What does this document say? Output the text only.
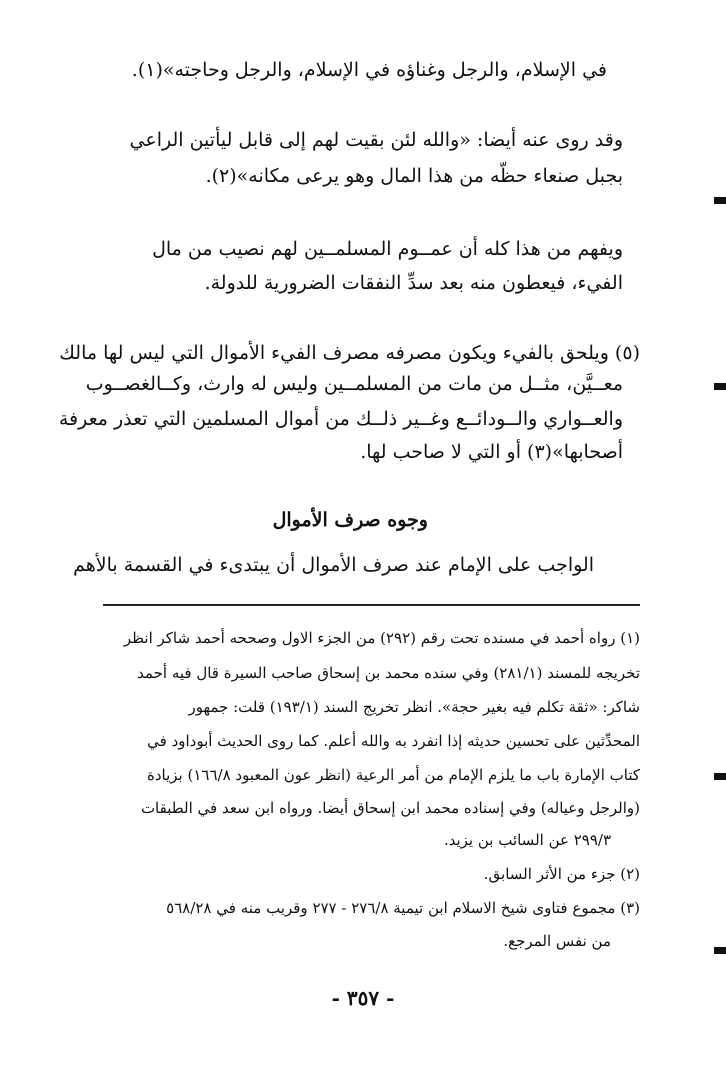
في الإسلام، والرجل وغناؤه في الإسلام، والرجل وحاجته»(١).
وقد روى عنه أيضا: «والله لئن بقيت لهم إلى قابل ليأتين الراعي
بجبل صنعاء حظّه من هذا المال وهو يرعى مكانه»(٢).
ويفهم من هذا كله أن عمــوم المسلمــين لهم نصيب من مال
الفيء، فيعطون منه بعد سدِّ النفقات الضرورية للدولة.
(٥) ويلحق بالفيء ويكون مصرفه مصرف الفيء الأموال التي ليس لها مالك
معــيَّن، مثــل من مات من المسلمــين وليس له وارث، وكــالغصــوب
والعــواري والــودائــع وغــير ذلــك من أموال المسلمين التي تعذر معرفة
أصحابها»(٣) أو التي لا صاحب لها.
وجوه صرف الأموال
الواجب على الإمام عند صرف الأموال أن يبتدىء في القسمة بالأهم
(١) رواه أحمد في مسنده تحت رقم (٢٩٢) من الجزء الاول وصححه أحمد شاكر انظر
تخريجه للمسند (٢٨١/١) وفي سنده محمد بن إسحاق صاحب السيرة قال فيه أحمد
شاكر: «ثقة تكلم فيه بغير حجة». انظر تخريج السند (١٩٣/١) قلت: جمهور
المحدِّثين على تحسين حديثه إذا انفرد به والله أعلم. كما روى الحديث أبوداود في
كتاب الإمارة باب ما يلزم الإمام من أمر الرعية (انظر عون المعبود ١٦٦/٨) بزيادة
(والرجل وعياله) وفي إسناده محمد ابن إسحاق أيضا. ورواه ابن سعد في الطبقات
٢٩٩/٣ عن السائب بن يزيد.
(٢) جزء من الأثر السابق.
(٣) مجموع فتاوى شيخ الاسلام ابن تيمية ٢٧٦/٨ - ٢٧٧ وقريب منه في ٥٦٨/٢٨
من نفس المرجع.
- ٣٥٧ -
